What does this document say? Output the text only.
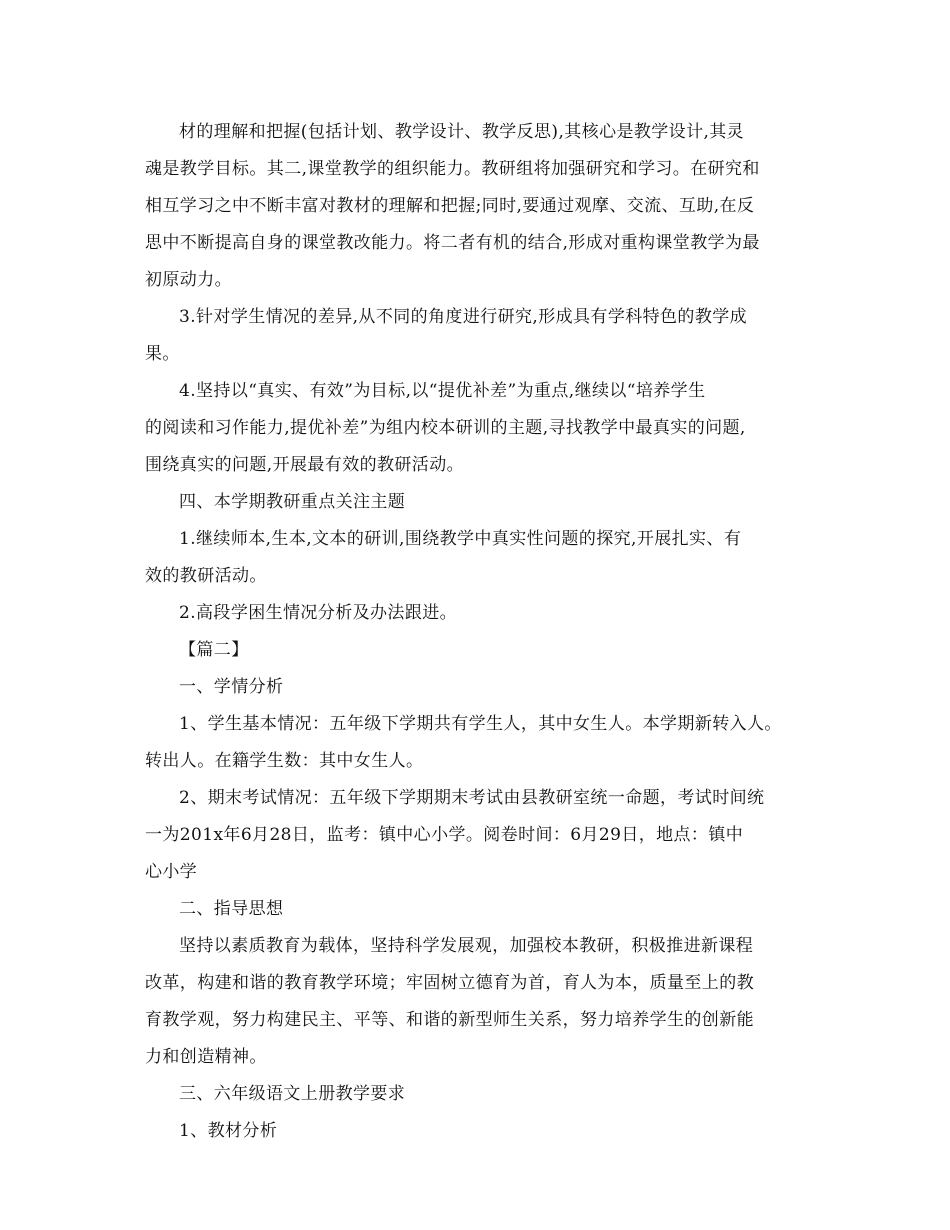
材的理解和把握(包括计划、教学设计、教学反思),其核心是教学设计,其灵
魂是教学目标。其二,课堂教学的组织能力。教研组将加强研究和学习。在研究和
相互学习之中不断丰富对教材的理解和把握;同时,要通过观摩、交流、互助,在反
思中不断提高自身的课堂教改能力。将二者有机的结合,形成对重构课堂教学为最
初原动力。
3.针对学生情况的差异,从不同的角度进行研究,形成具有学科特色的教学成
果。
4.坚持以“真实、有效”为目标,以“提优补差”为重点,继续以“培养学生
的阅读和习作能力,提优补差”为组内校本研训的主题,寻找教学中最真实的问题,
围绕真实的问题,开展最有效的教研活动。
四、本学期教研重点关注主题
1.继续师本,生本,文本的研训,围绕教学中真实性问题的探究,开展扎实、有
效的教研活动。
2.高段学困生情况分析及办法跟进。
【篇二】
一、学情分析
1、学生基本情况：五年级下学期共有学生人，其中女生人。本学期新转入人。
转出人。在籍学生数：其中女生人。
2、期末考试情况：五年级下学期期末考试由县教研室统一命题，考试时间统
一为201x年6月28日，监考：镇中心小学。阅卷时间：6月29日，地点：镇中
心小学
二、指导思想
坚持以素质教育为载体，坚持科学发展观，加强校本教研，积极推进新课程
改革，构建和谐的教育教学环境；牢固树立德育为首，育人为本，质量至上的教
育教学观，努力构建民主、平等、和谐的新型师生关系，努力培养学生的创新能
力和创造精神。
三、六年级语文上册教学要求
1、教材分析
